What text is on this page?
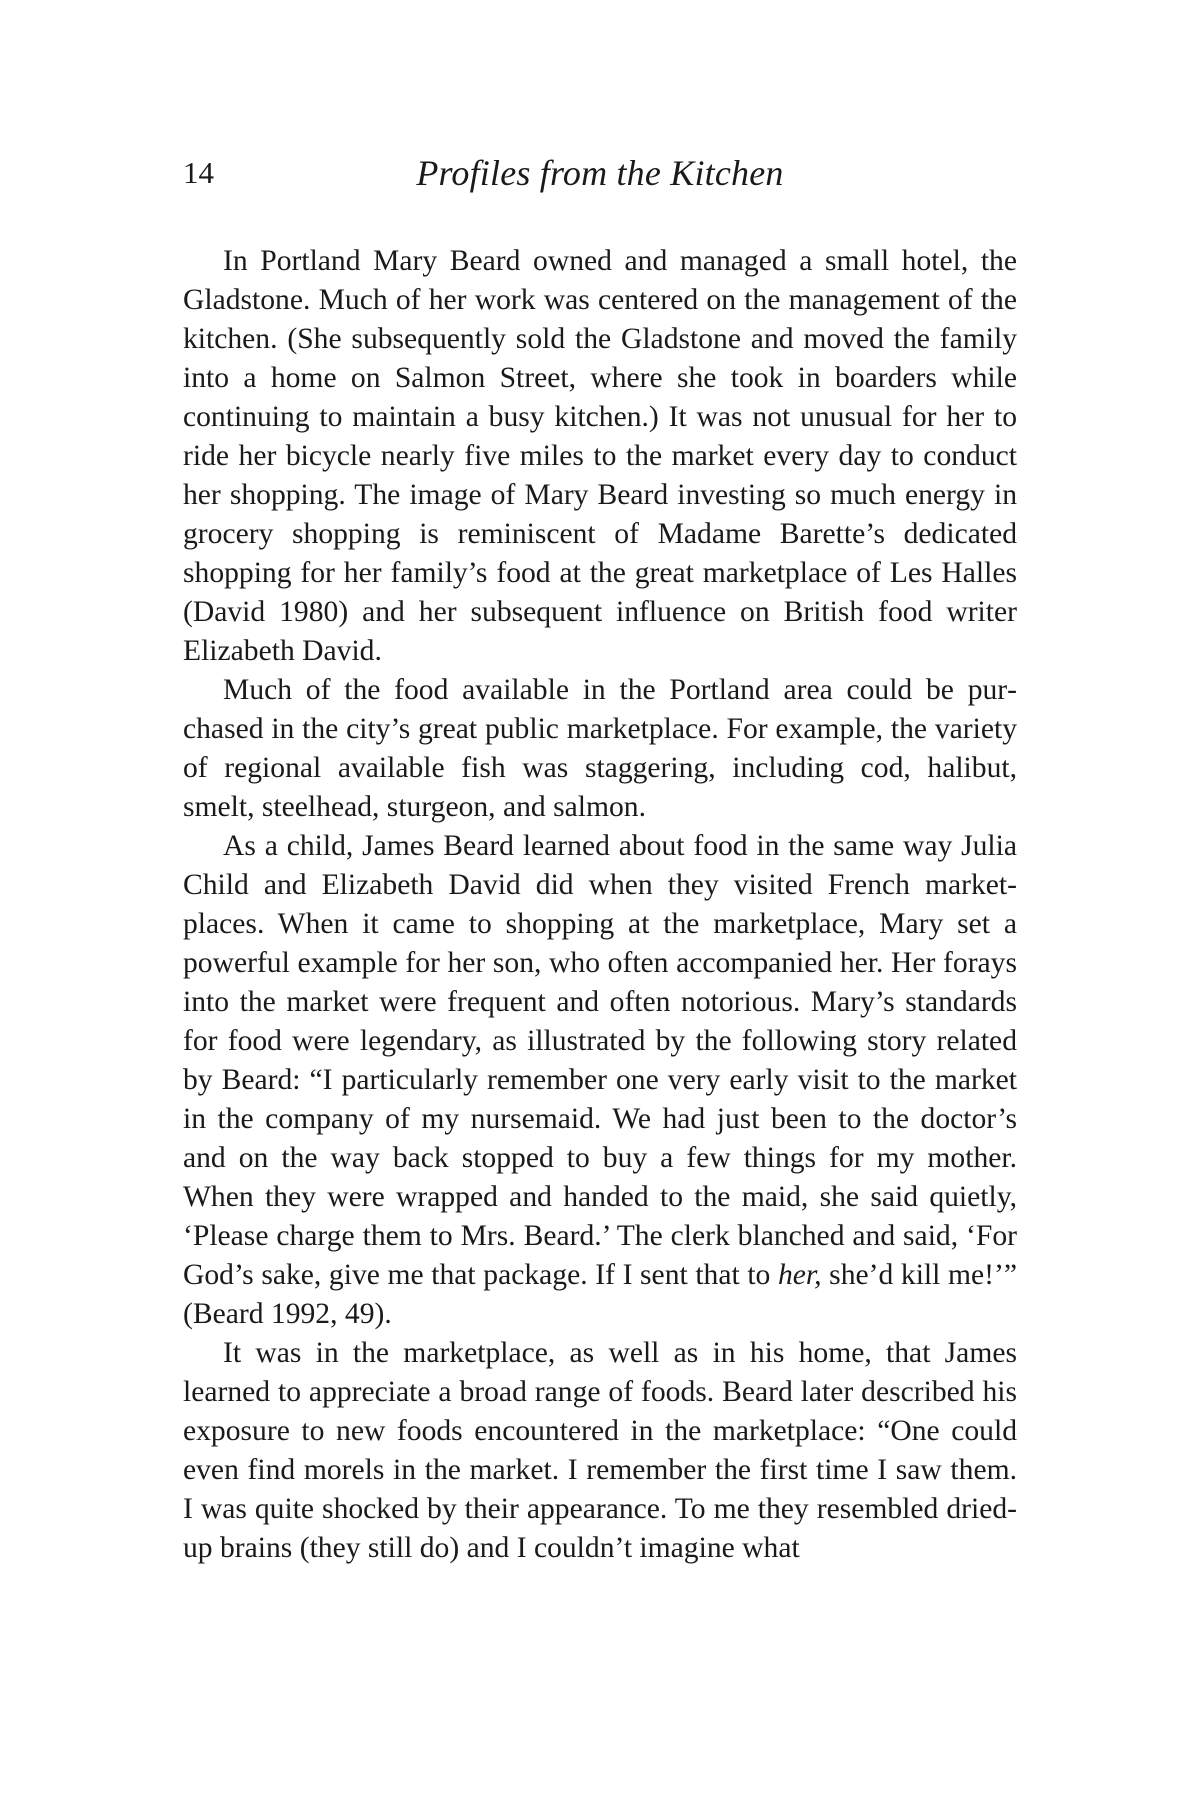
14	Profiles from the Kitchen

In Portland Mary Beard owned and managed a small hotel, the Gladstone. Much of her work was centered on the management of the kitchen. (She subsequently sold the Gladstone and moved the family into a home on Salmon Street, where she took in boarders while continuing to maintain a busy kitchen.) It was not unusual for her to ride her bicycle nearly five miles to the market every day to conduct her shopping. The image of Mary Beard investing so much energy in grocery shopping is reminiscent of Madame Barette’s dedicated shopping for her family’s food at the great marketplace of Les Halles (David 1980) and her subsequent influence on British food writer Elizabeth David.

Much of the food available in the Portland area could be purchased in the city’s great public marketplace. For example, the variety of regional available fish was staggering, including cod, halibut, smelt, steelhead, sturgeon, and salmon.

As a child, James Beard learned about food in the same way Julia Child and Elizabeth David did when they visited French marketplaces. When it came to shopping at the marketplace, Mary set a powerful example for her son, who often accompanied her. Her forays into the market were frequent and often notorious. Mary’s standards for food were legendary, as illustrated by the following story related by Beard: “I particularly remember one very early visit to the market in the company of my nursemaid. We had just been to the doctor’s and on the way back stopped to buy a few things for my mother. When they were wrapped and handed to the maid, she said quietly, ‘Please charge them to Mrs. Beard.’ The clerk blanched and said, ‘For God’s sake, give me that package. If I sent that to her, she’d kill me!’” (Beard 1992, 49).

It was in the marketplace, as well as in his home, that James learned to appreciate a broad range of foods. Beard later described his exposure to new foods encountered in the marketplace: “One could even find morels in the market. I remember the first time I saw them. I was quite shocked by their appearance. To me they resembled dried-up brains (they still do) and I couldn’t imagine what
